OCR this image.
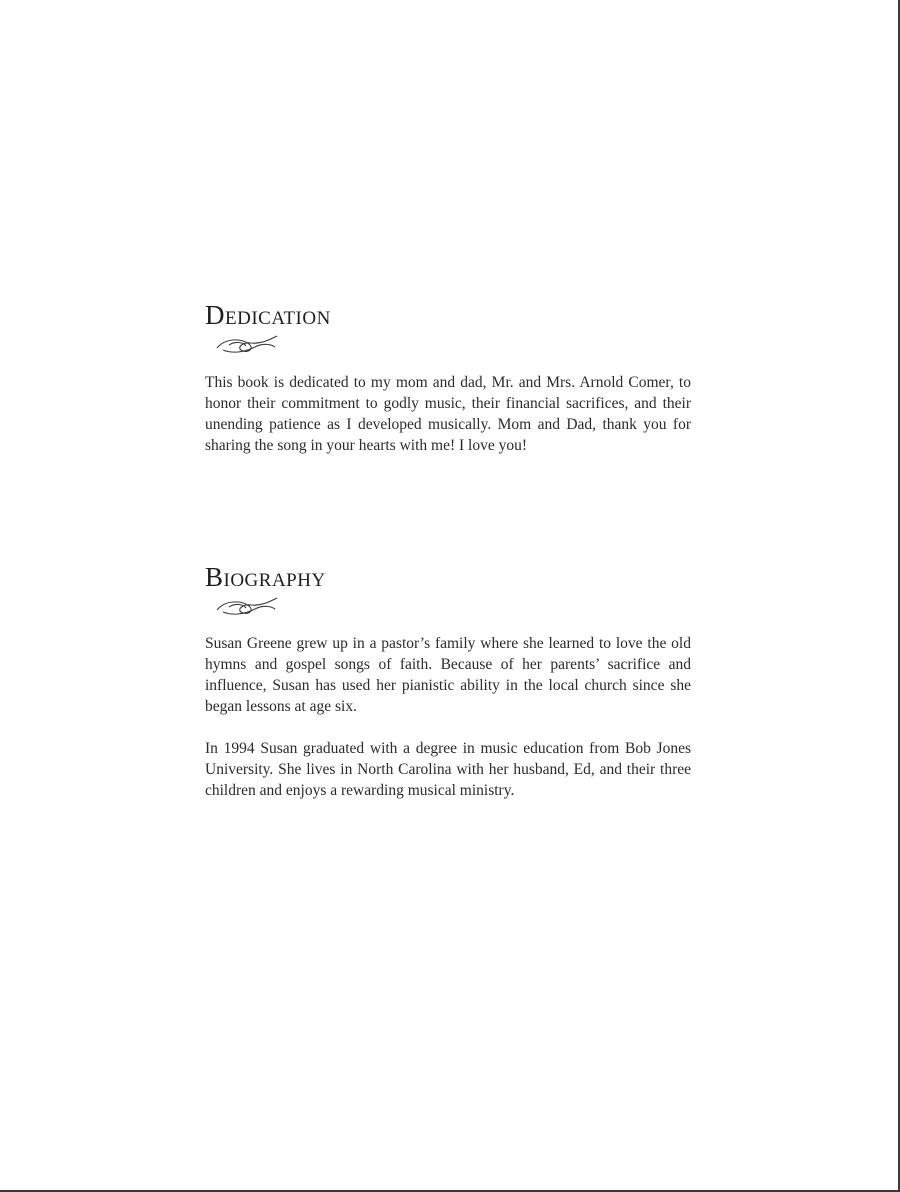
Dedication

This book is dedicated to my mom and dad, Mr. and Mrs. Arnold Comer, to honor their commitment to godly music, their financial sacrifices, and their unending patience as I developed musically. Mom and Dad, thank you for sharing the song in your hearts with me! I love you!

Biography

Susan Greene grew up in a pastor’s family where she learned to love the old hymns and gospel songs of faith. Because of her parents’ sacrifice and influence, Susan has used her pianistic ability in the local church since she began lessons at age six.

In 1994 Susan graduated with a degree in music education from Bob Jones University. She lives in North Carolina with her husband, Ed, and their three children and enjoys a rewarding musical ministry.
